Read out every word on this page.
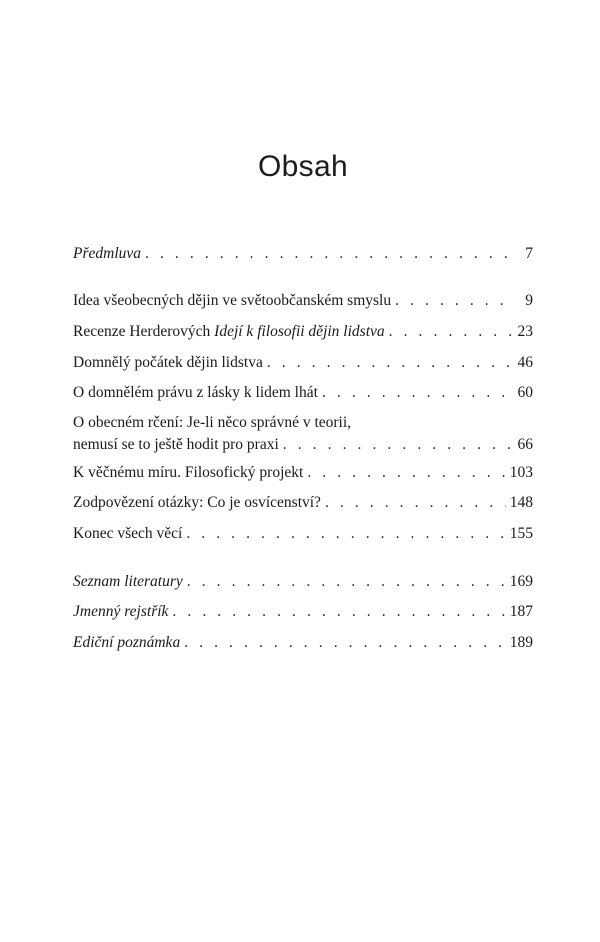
Obsah
Předmluva . . .	7
Idea všeobecných dějin ve světoobčanském smyslu . . .	9
Recenze Herderových Idejí k filosofii dějin lidstva . . .	23
Domnělý počátek dějin lidstva . . .	46
O domnělém právu z lásky k lidem lhát . . .	60
O obecném rčení: Je-li něco správné v teorii,
nemusí se to ještě hodit pro praxi . . .	66
K věčnému míru. Filosofický projekt . . .	103
Zodpovězení otázky: Co je osvícenství? . . .	148
Konec všech věcí . . .	155
Seznam literatury . . .	169
Jmenný rejstřík . . .	187
Ediční poznámka . . .	189
